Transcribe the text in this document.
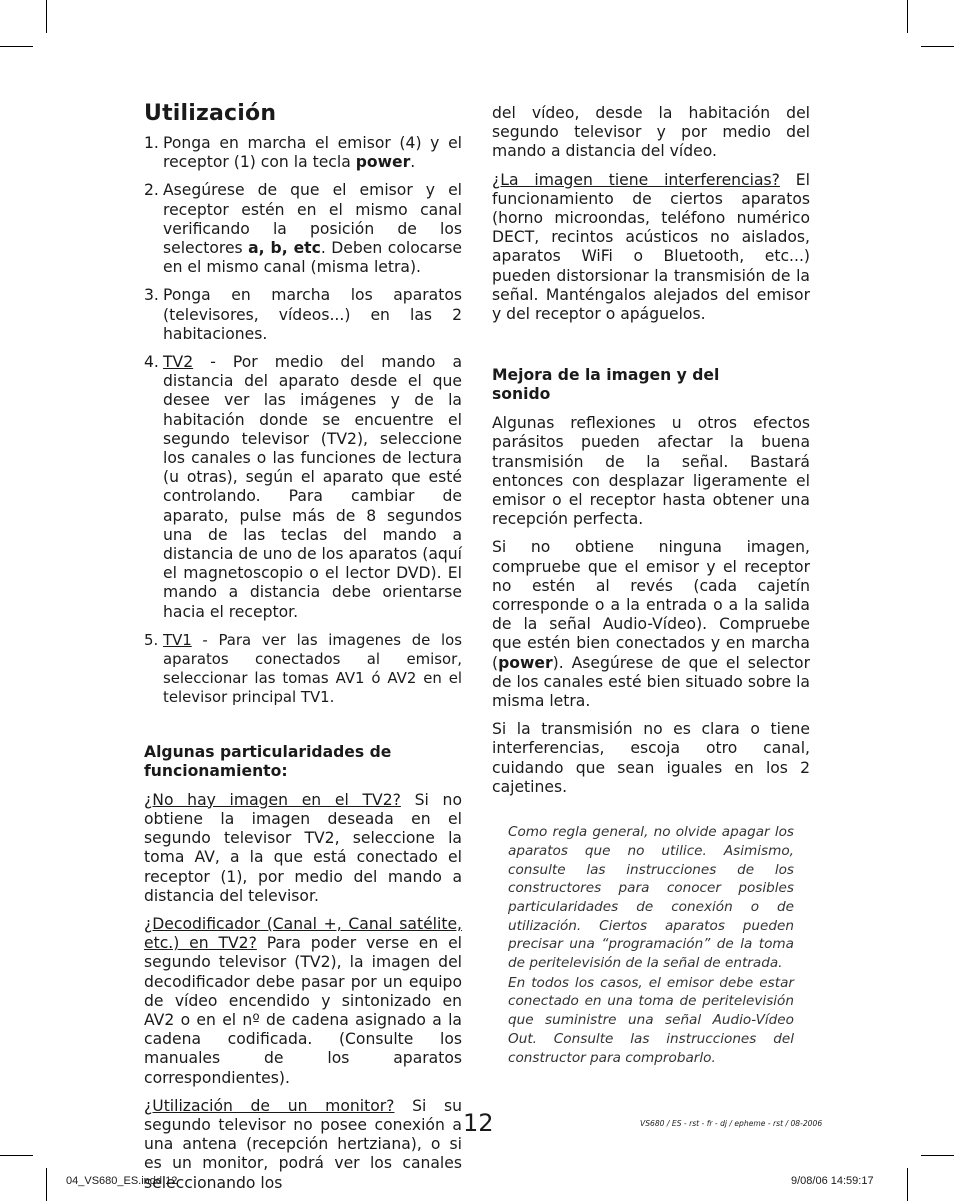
Utilización
1. Ponga en marcha el emisor (4) y el receptor (1) con la tecla power.
2. Asegúrese de que el emisor y el receptor estén en el mismo canal verificando la posición de los selectores a, b, etc. Deben colocarse en el mismo canal (misma letra).
3. Ponga en marcha los aparatos (televisores, vídeos...) en las 2 habitaciones.
4. TV2 - Por medio del mando a distancia del aparato desde el que desee ver las imágenes y de la habitación donde se encuentre el segundo televisor (TV2), seleccione los canales o las funciones de lectura (u otras), según el aparato que esté controlando. Para cambiar de aparato, pulse más de 8 segundos una de las teclas del mando a distancia de uno de los aparatos (aquí el magnetoscopio o el lector DVD). El mando a distancia debe orientarse hacia el receptor.
5. TV1 - Para ver las imagenes de los aparatos conectados al emisor, seleccionar las tomas AV1 ó AV2 en el televisor principal TV1.
Algunas particularidades de funcionamiento:

¿No hay imagen en el TV2? Si no obtiene la imagen deseada en el segundo televisor TV2, seleccione la toma AV, a la que está conectado el receptor (1), por medio del mando a distancia del televisor.

¿Decodificador (Canal +, Canal satélite, etc.) en TV2? Para poder verse en el segundo televisor (TV2), la imagen del decodificador debe pasar por un equipo de vídeo encendido y sintonizado en AV2 o en el nº de cadena asignado a la cadena codificada. (Consulte los manuales de los aparatos correspondientes).

¿Utilización de un monitor? Si su segundo televisor no posee conexión a una antena (recepción hertziana), o si es un monitor, podrá ver los canales seleccionando los

del vídeo, desde la habitación del segundo televisor y por medio del mando a distancia del vídeo.

¿La imagen tiene interferencias? El funcionamiento de ciertos aparatos (horno microondas, teléfono numérico DECT, recintos acústicos no aislados, aparatos WiFi o Bluetooth, etc...) pueden distorsionar la transmisión de la señal. Manténgalos alejados del emisor y del receptor o apáguelos.

Mejora de la imagen y del sonido

Algunas reflexiones u otros efectos parásitos pueden afectar la buena transmisión de la señal. Bastará entonces con desplazar ligeramente el emisor o el receptor hasta obtener una recepción perfecta.

Si no obtiene ninguna imagen, compruebe que el emisor y el receptor no estén al revés (cada cajetín corresponde o a la entrada o a la salida de la señal Audio-Vídeo). Compruebe que estén bien conectados y en marcha (power). Asegúrese de que el selector de los canales esté bien situado sobre la misma letra.

Si la transmisión no es clara o tiene interferencias, escoja otro canal, cuidando que sean iguales en los 2 cajetines.

Como regla general, no olvide apagar los aparatos que no utilice. Asimismo, consulte las instrucciones de los constructores para conocer posibles particularidades de conexión o de utilización. Ciertos aparatos pueden precisar una “programación” de la toma de peritelevisión de la señal de entrada.

En todos los casos, el emisor debe estar conectado en una toma de peritelevisión que suministre una señal Audio-Vídeo Out. Consulte las instrucciones del constructor para comprobarlo.

12	VS680 / ES - rst - fr - dj / epheme - rst / 08-2006
04_VS680_ES.indd 12	9/08/06 14:59:17
